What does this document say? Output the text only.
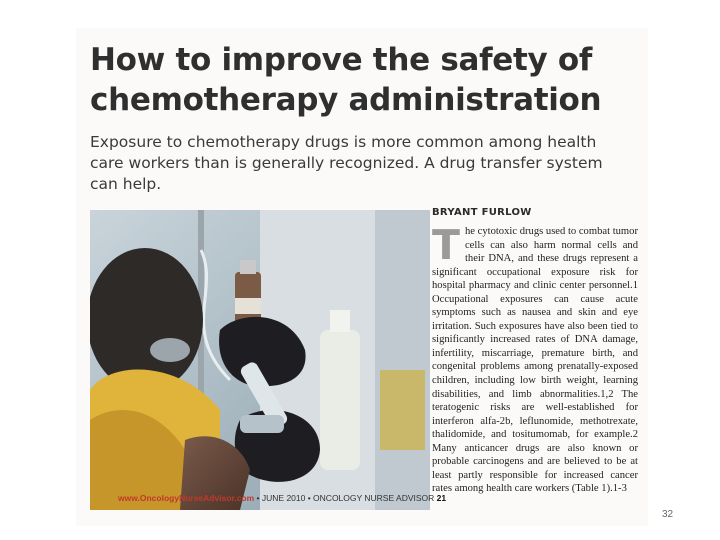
How to improve the safety of
chemotherapy administration

Exposure to chemotherapy drugs is more common among health care workers than is generally recognized. A drug transfer system can help.

BRYANT FURLOW

The cytotoxic drugs used to combat tumor cells can also harm normal cells and their DNA, and these drugs represent a significant occupational exposure risk for hospital pharmacy and clinic center personnel.1 Occupational exposures can cause acute symptoms such as nausea and skin and eye irritation. Such exposures have also been tied to significantly increased rates of DNA damage, infertility, miscarriage, premature birth, and congenital problems among prenatally-exposed children, including low birth weight, learning disabilities, and limb abnormalities.1,2 The teratogenic risks are well-established for interferon alfa-2b, leflunomide, methotrexate, thalidomide, and tositumomab, for example.2 Many anticancer drugs are also known or probable carcinogens and are believed to be at least partly responsible for increased cancer rates among health care workers (Table 1).1-3

www.OncologyNurseAdvisor.com • JUNE 2010 • ONCOLOGY NURSE ADVISOR 21

32
